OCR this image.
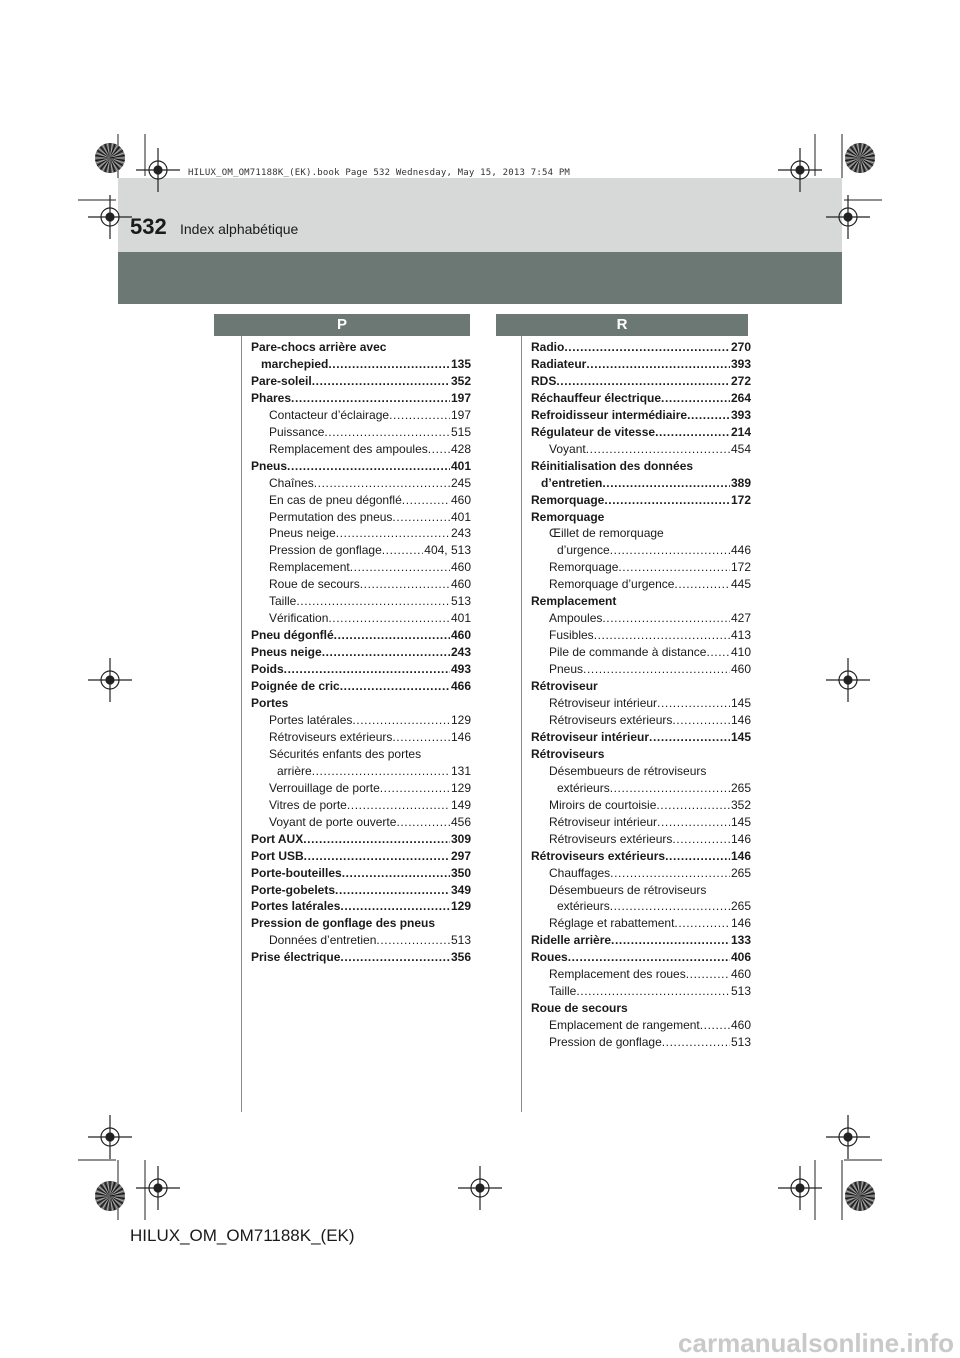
HILUX_OM_OM71188K_(EK).book Page 532 Wednesday, May 15, 2013 7:54 PM
532 Index alphabétique
P	R
Pare-chocs arrière avec
marchepied .....	135
Pare-soleil .....	352
Phares .....	197
Contacteur d’éclairage .....	197
Puissance .....	515
Remplacement des ampoules ..... 428
Pneus .....	401
Chaînes .....	245
En cas de pneu dégonflé .....	460
Permutation des pneus .....	401
Pneus neige .....	243
Pression de gonflage .....	404, 513
Remplacement .....	460
Roue de secours .....	460
Taille .....	513
Vérification .....	401
Pneu dégonflé .....	460
Pneus neige .....	243
Poids .....	493
Poignée de cric .....	466
Portes
Portes latérales .....	129
Rétroviseurs extérieurs .....	146
Sécurités enfants des portes
arrière .....	131
Verrouillage de porte .....	129
Vitres de porte .....	149
Voyant de porte ouverte .....	456
Port AUX .....	309
Port USB .....	297
Porte-bouteilles .....	350
Porte-gobelets .....	349
Portes latérales .....	129
Pression de gonflage des pneus
Données d’entretien .....	513
Prise électrique .....	356
Radio .....	270
Radiateur .....	393
RDS .....	272
Réchauffeur électrique .....	264
Refroidisseur intermédiaire .....	393
Régulateur de vitesse .....	214
Voyant .....	454
Réinitialisation des données
d’entretien .....	389
Remorquage .....	172
Remorquage
Œillet de remorquage
d’urgence .....	446
Remorquage .....	172
Remorquage d’urgence .....	445
Remplacement
Ampoules .....	427
Fusibles .....	413
Pile de commande à distance ..... 410
Pneus .....	460
Rétroviseur
Rétroviseur intérieur .....	145
Rétroviseurs extérieurs .....	146
Rétroviseur intérieur .....	145
Rétroviseurs
Désembueurs de rétroviseurs
extérieurs .....	265
Miroirs de courtoisie .....	352
Rétroviseur intérieur .....	145
Rétroviseurs extérieurs .....	146
Rétroviseurs extérieurs .....	146
Chauffages .....	265
Désembueurs de rétroviseurs
extérieurs .....	265
Réglage et rabattement .....	146
Ridelle arrière .....	133
Roues .....	406
Remplacement des roues .....	460
Taille .....	513
Roue de secours
Emplacement de rangement .....	460
Pression de gonflage .....	513
HILUX_OM_OM71188K_(EK)
carmanualsonline.info
